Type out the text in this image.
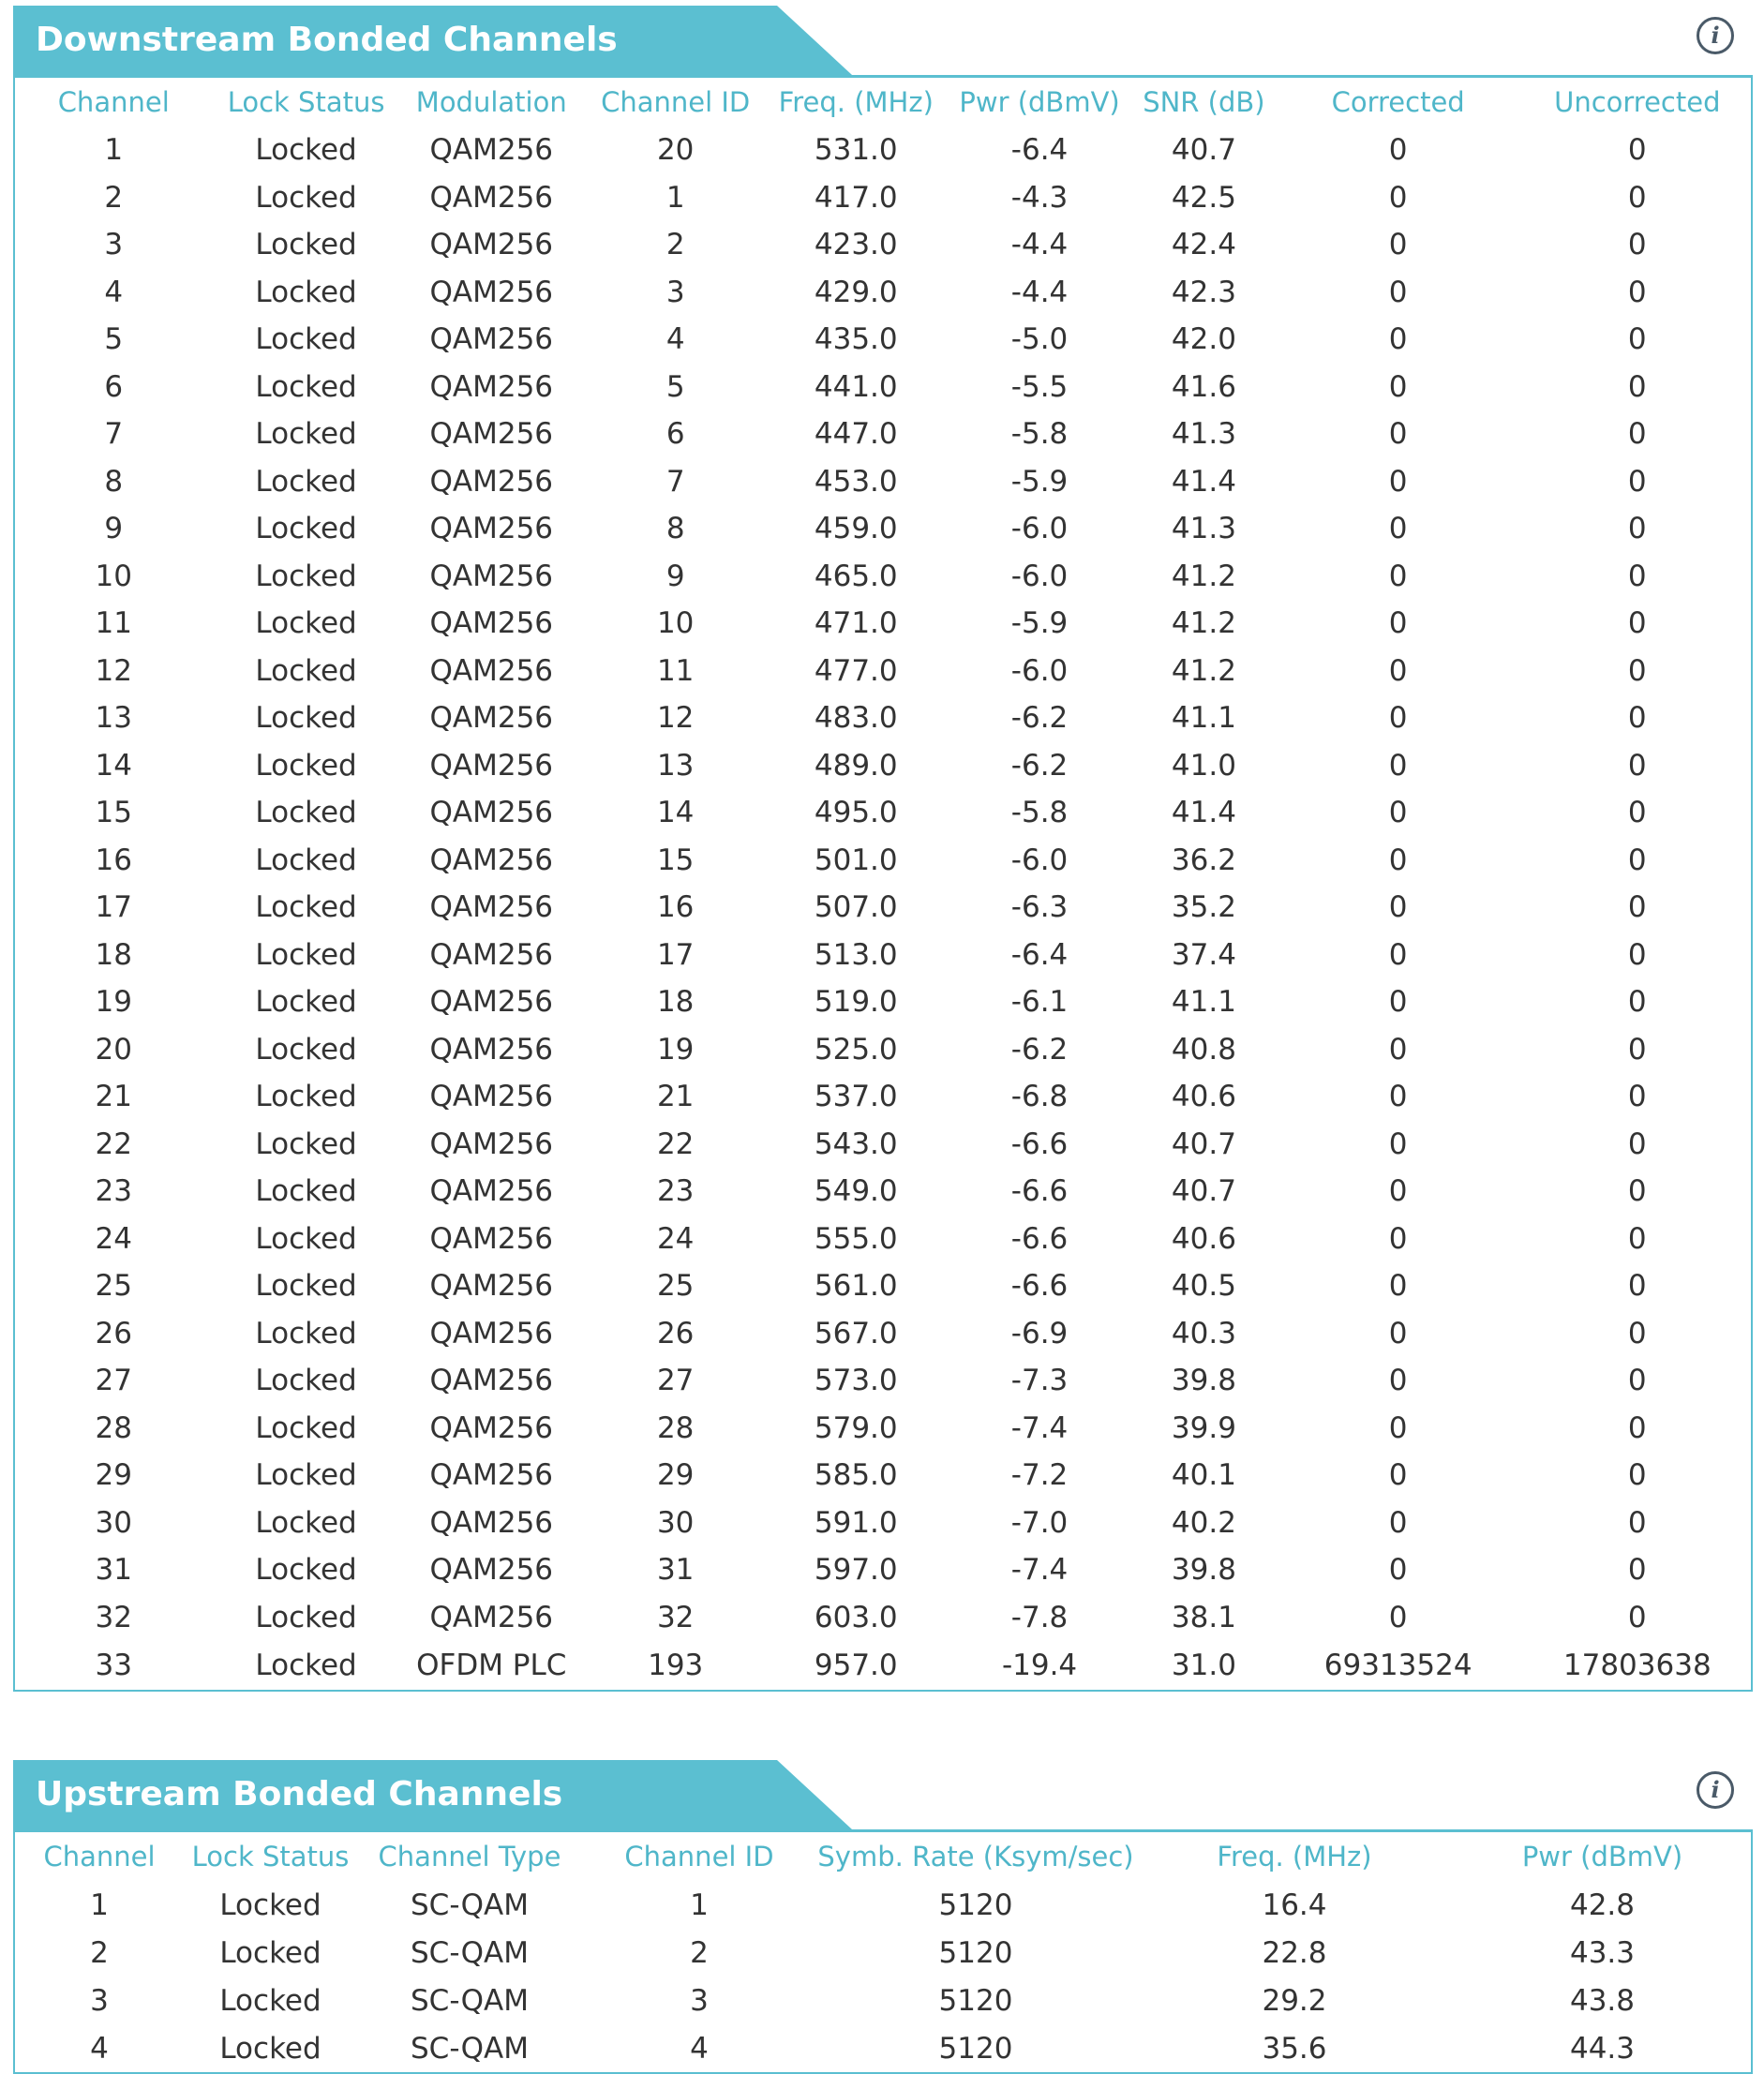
Downstream Bonded Channels	i
Channel	Lock Status	Modulation	Channel ID	Freq. (MHz)	Pwr (dBmV)	SNR (dB)	Corrected	Uncorrected
1	Locked	QAM256	20	531.0	-6.4	40.7	0	0
2	Locked	QAM256	1	417.0	-4.3	42.5	0	0
3	Locked	QAM256	2	423.0	-4.4	42.4	0	0
4	Locked	QAM256	3	429.0	-4.4	42.3	0	0
5	Locked	QAM256	4	435.0	-5.0	42.0	0	0
6	Locked	QAM256	5	441.0	-5.5	41.6	0	0
7	Locked	QAM256	6	447.0	-5.8	41.3	0	0
8	Locked	QAM256	7	453.0	-5.9	41.4	0	0
9	Locked	QAM256	8	459.0	-6.0	41.3	0	0
10	Locked	QAM256	9	465.0	-6.0	41.2	0	0
11	Locked	QAM256	10	471.0	-5.9	41.2	0	0
12	Locked	QAM256	11	477.0	-6.0	41.2	0	0
13	Locked	QAM256	12	483.0	-6.2	41.1	0	0
14	Locked	QAM256	13	489.0	-6.2	41.0	0	0
15	Locked	QAM256	14	495.0	-5.8	41.4	0	0
16	Locked	QAM256	15	501.0	-6.0	36.2	0	0
17	Locked	QAM256	16	507.0	-6.3	35.2	0	0
18	Locked	QAM256	17	513.0	-6.4	37.4	0	0
19	Locked	QAM256	18	519.0	-6.1	41.1	0	0
20	Locked	QAM256	19	525.0	-6.2	40.8	0	0
21	Locked	QAM256	21	537.0	-6.8	40.6	0	0
22	Locked	QAM256	22	543.0	-6.6	40.7	0	0
23	Locked	QAM256	23	549.0	-6.6	40.7	0	0
24	Locked	QAM256	24	555.0	-6.6	40.6	0	0
25	Locked	QAM256	25	561.0	-6.6	40.5	0	0
26	Locked	QAM256	26	567.0	-6.9	40.3	0	0
27	Locked	QAM256	27	573.0	-7.3	39.8	0	0
28	Locked	QAM256	28	579.0	-7.4	39.9	0	0
29	Locked	QAM256	29	585.0	-7.2	40.1	0	0
30	Locked	QAM256	30	591.0	-7.0	40.2	0	0
31	Locked	QAM256	31	597.0	-7.4	39.8	0	0
32	Locked	QAM256	32	603.0	-7.8	38.1	0	0
33	Locked	OFDM PLC	193	957.0	-19.4	31.0	69313524	17803638
Upstream Bonded Channels	i
Channel	Lock Status	Channel Type	Channel ID	Symb. Rate (Ksym/sec)	Freq. (MHz)	Pwr (dBmV)
1	Locked	SC-QAM	1	5120	16.4	42.8
2	Locked	SC-QAM	2	5120	22.8	43.3
3	Locked	SC-QAM	3	5120	29.2	43.8
4	Locked	SC-QAM	4	5120	35.6	44.3
